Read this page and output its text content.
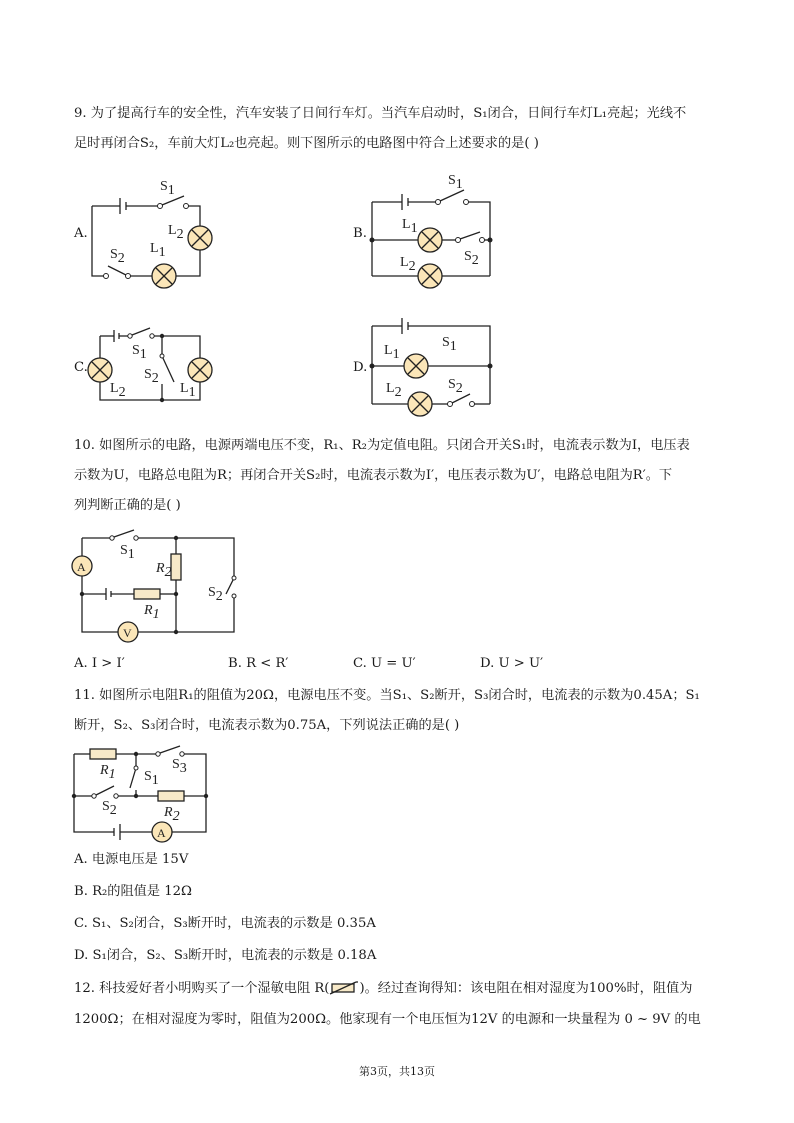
9. 为了提高行车的安全性，汽车安装了日间行车灯。当汽车启动时，S₁闭合，日间行车灯L₁亮起；光线不
足时再闭合S₂，车前大灯L₂也亮起。则下图所示的电路图中符合上述要求的是( )
A.
S1
L2
L1
S2
B.
S1
L1
S2
L2
C.
S1
S2
L2	L1
D.
S1
L1
S2
L2
10. 如图所示的电路，电源两端电压不变，R₁、R₂为定值电阻。只闭合开关S₁时，电流表示数为I，电压表
示数为U，电路总电阻为R；再闭合开关S₂时，电流表示数为I′，电压表示数为U′，电路总电阻为R′。下
列判断正确的是( )
A
V
S1
R2
S2
R1
A. I > I′	B. R < R′	C. U = U′	D. U > U′
11. 如图所示电阻R₁的阻值为20Ω，电源电压不变。当S₁、S₂断开，S₃闭合时，电流表的示数为0.45A；S₁
断开，S₂、S₃闭合时，电流表示数为0.75A，下列说法正确的是( )
A
R1
S3
S1
S2	R2
A. 电源电压是 15V
B. R₂的阻值是 12Ω
C. S₁、S₂闭合，S₃断开时，电流表的示数是 0.35A
D. S₁闭合，S₂、S₃断开时，电流表的示数是 0.18A
12. 科技爱好者小明购买了一个湿敏电阻 R( )。经过查询得知：该电阻在相对湿度为100%时，阻值为
1200Ω；在相对湿度为零时，阻值为200Ω。他家现有一个电压恒为12V 的电源和一块量程为 0 ~ 9V 的电
第3页，共13页
